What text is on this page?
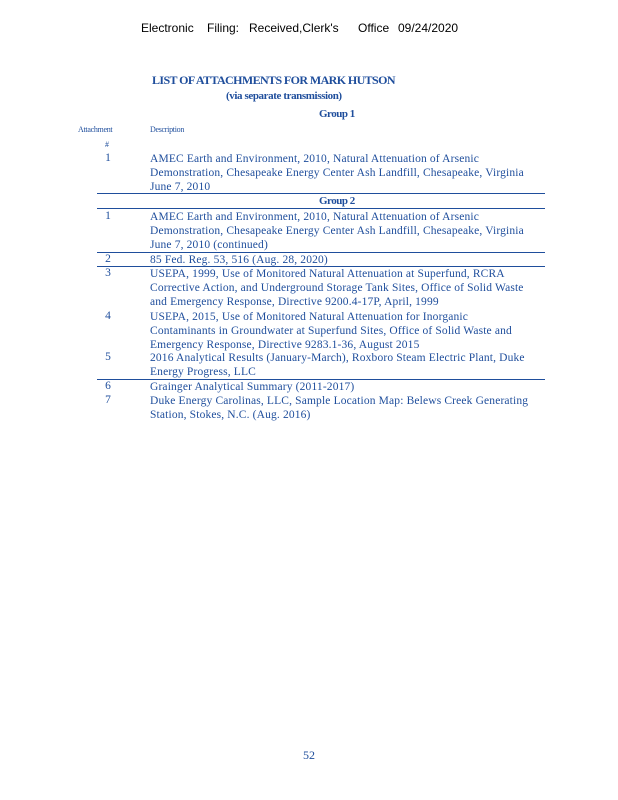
Electronic Filing: Received,Clerk's Office 09/24/2020
LIST OF ATTACHMENTS FOR MARK HUTSON
(via separate transmission)
Group 1
Attachment
#
Description
1	AMEC Earth and Environment, 2010, Natural Attenuation of Arsenic
Demonstration, Chesapeake Energy Center Ash Landfill, Chesapeake, Virginia
June 7, 2010
Group 2
1	AMEC Earth and Environment, 2010, Natural Attenuation of Arsenic
Demonstration, Chesapeake Energy Center Ash Landfill, Chesapeake, Virginia
June 7, 2010 (continued)
2	85 Fed. Reg. 53, 516 (Aug. 28, 2020)
3	USEPA, 1999, Use of Monitored Natural Attenuation at Superfund, RCRA
Corrective Action, and Underground Storage Tank Sites, Office of Solid Waste
and Emergency Response, Directive 9200.4-17P, April, 1999
4	USEPA, 2015, Use of Monitored Natural Attenuation for Inorganic
Contaminants in Groundwater at Superfund Sites, Office of Solid Waste and
Emergency Response, Directive 9283.1-36, August 2015
5	2016 Analytical Results (January-March), Roxboro Steam Electric Plant, Duke
Energy Progress, LLC
6	Grainger Analytical Summary (2011-2017)
7	Duke Energy Carolinas, LLC, Sample Location Map: Belews Creek Generating
Station, Stokes, N.C. (Aug. 2016)
52
